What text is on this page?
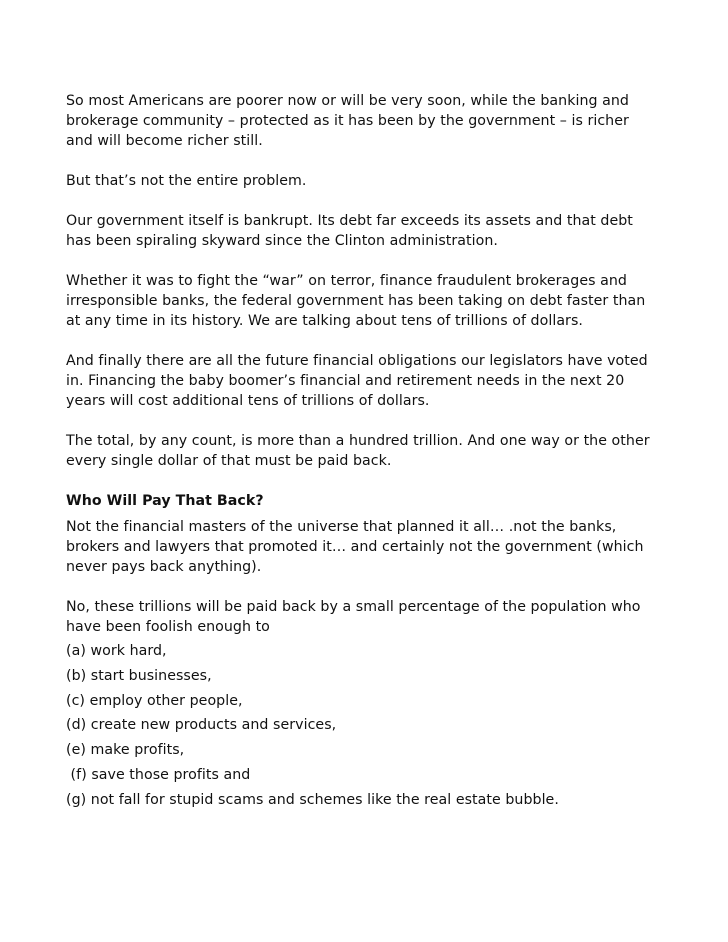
So most Americans are poorer now or will be very soon, while the banking and
brokerage community – protected as it has been by the government – is richer
and will become richer still.

But that’s not the entire problem.

Our government itself is bankrupt. Its debt far exceeds its assets and that debt
has been spiraling skyward since the Clinton administration.

Whether it was to fight the “war” on terror, finance fraudulent brokerages and
irresponsible banks, the federal government has been taking on debt faster than
at any time in its history. We are talking about tens of trillions of dollars.

And finally there are all the future financial obligations our legislators have voted
in. Financing the baby boomer’s financial and retirement needs in the next 20
years will cost additional tens of trillions of dollars.

The total, by any count, is more than a hundred trillion. And one way or the other
every single dollar of that must be paid back.

Who Will Pay That Back?

Not the financial masters of the universe that planned it all… .not the banks,
brokers and lawyers that promoted it… and certainly not the government (which
never pays back anything).

No, these trillions will be paid back by a small percentage of the population who
have been foolish enough to

(a) work hard,
(b) start businesses,
(c) employ other people,
(d) create new products and services,
(e) make profits,
(f) save those profits and
(g) not fall for stupid scams and schemes like the real estate bubble.
